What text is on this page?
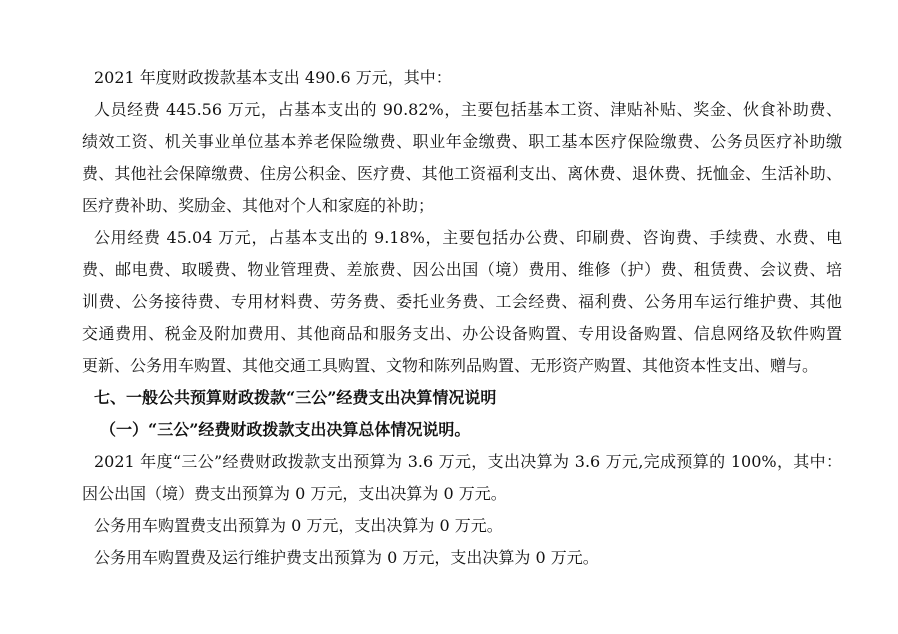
2021 年度财政拨款基本支出 490.6 万元，其中：
人员经费 445.56 万元，占基本支出的 90.82%，主要包括基本工资、津贴补贴、奖金、伙食补助费、
绩效工资、机关事业单位基本养老保险缴费、职业年金缴费、职工基本医疗保险缴费、公务员医疗补助缴
费、其他社会保障缴费、住房公积金、医疗费、其他工资福利支出、离休费、退休费、抚恤金、生活补助、
医疗费补助、奖励金、其他对个人和家庭的补助；
公用经费 45.04 万元，占基本支出的 9.18%，主要包括办公费、印刷费、咨询费、手续费、水费、电
费、邮电费、取暖费、物业管理费、差旅费、因公出国（境）费用、维修（护）费、租赁费、会议费、培
训费、公务接待费、专用材料费、劳务费、委托业务费、工会经费、福利费、公务用车运行维护费、其他
交通费用、税金及附加费用、其他商品和服务支出、办公设备购置、专用设备购置、信息网络及软件购置
更新、公务用车购置、其他交通工具购置、文物和陈列品购置、无形资产购置、其他资本性支出、赠与。
七、一般公共预算财政拨款“三公”经费支出决算情况说明
（一）“三公”经费财政拨款支出决算总体情况说明。
2021 年度“三公”经费财政拨款支出预算为 3.6 万元，支出决算为 3.6 万元,完成预算的 100%，其中：
因公出国（境）费支出预算为 0 万元，支出决算为 0 万元。
公务用车购置费支出预算为 0 万元，支出决算为 0 万元。
公务用车购置费及运行维护费支出预算为 0 万元，支出决算为 0 万元。
